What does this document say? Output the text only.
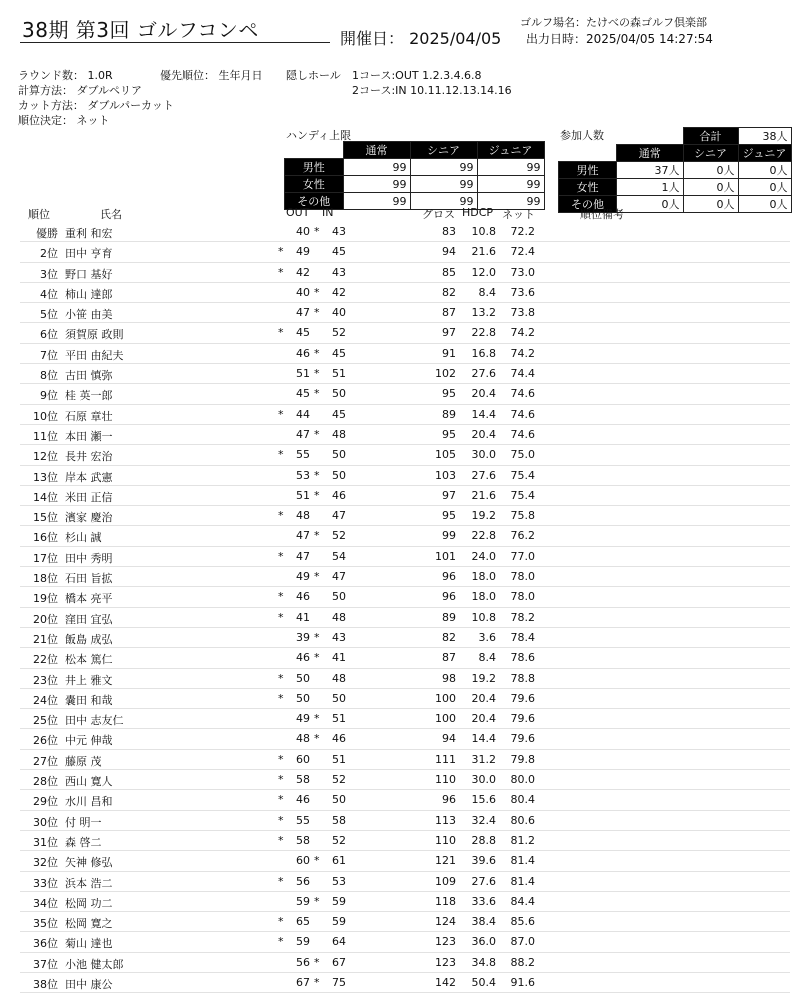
38期 第3回 ゴルフコンペ	開催日： 2025/04/05
ゴルフ場名：たけべの森ゴルフ倶楽部
出力日時：2025/04/05 14:27:54
ラウンド数： 1.0R
計算方法： ダブルペリア
カット方法： ダブルパーカット
順位決定： ネット
優先順位： 生年月日 隠しホール 1コース:OUT 1.2.3.4.6.8
2コース:IN 10.11.12.13.14.16
ハンディ上限
	通常	シニア	ジュニア
男性	99	99	99
女性	99	99	99
その他	99	99	99
参加人数
			合計	38人
	通常	シニア	ジュニア
男性	37人	0人	0人
女性	1人	0人	0人
その他	0人	0人	0人
順位	氏名	OUT IN	グロス HDCP ネット	順位備考
優勝 重利 和宏	40 *	43	83	10.8	72.2
2位 田中 亨育	*	49	45	94	21.6	72.4
3位 野口 基好	*	42	43	85	12.0	73.0
4位 柿山 達郎	40 *	42	82	8.4	73.6
5位 小笹 由美	47 *	40	87	13.2	73.8
6位 須賀原 政則	*	45	52	97	22.8	74.2
7位 平田 由紀夫	46 *	45	91	16.8	74.2
8位 古田 慎弥	51 *	51	102	27.6	74.4
9位 桂 英一郎	45 *	50	95	20.4	74.6
10位 石原 章壮	*	44	45	89	14.4	74.6
11位 本田 瀬一	47 *	48	95	20.4	74.6
12位 長井 宏治	*	55	50	105	30.0	75.0
13位 岸本 武憲	53 *	50	103	27.6	75.4
14位 米田 正信	51 *	46	97	21.6	75.4
15位 濱家 慶治	*	48	47	95	19.2	75.8
16位 杉山 誠	47 *	52	99	22.8	76.2
17位 田中 秀明	*	47	54	101	24.0	77.0
18位 石田 旨拡	49 *	47	96	18.0	78.0
19位 橋本 亮平	*	46	50	96	18.0	78.0
20位 窪田 宜弘	*	41	48	89	10.8	78.2
21位 飯島 成弘	39 *	43	82	3.6	78.4
22位 松本 篤仁	46 *	41	87	8.4	78.6
23位 井上 雅文	*	50	48	98	19.2	78.8
24位 嚢田 和哉	*	50	50	100	20.4	79.6
25位 田中 志友仁	49 *	51	100	20.4	79.6
26位 中元 伸哉	48 *	46	94	14.4	79.6
27位 藤原 茂	*	60	51	111	31.2	79.8
28位 西山 寛人	*	58	52	110	30.0	80.0
29位 水川 昌和	*	46	50	96	15.6	80.4
30位 付 明一	*	55	58	113	32.4	80.6
31位 森 啓二	*	58	52	110	28.8	81.2
32位 矢神 修弘	60 *	61	121	39.6	81.4
33位 浜本 浩二	*	56	53	109	27.6	81.4
34位 松岡 功二	59 *	59	118	33.6	84.4
35位 松岡 寛之	*	65	59	124	38.4	85.6
36位 菊山 達也	*	59	64	123	36.0	87.0
37位 小池 健太郎	56 *	67	123	34.8	88.2
38位 田中 康公	67 *	75	142	50.4	91.6
